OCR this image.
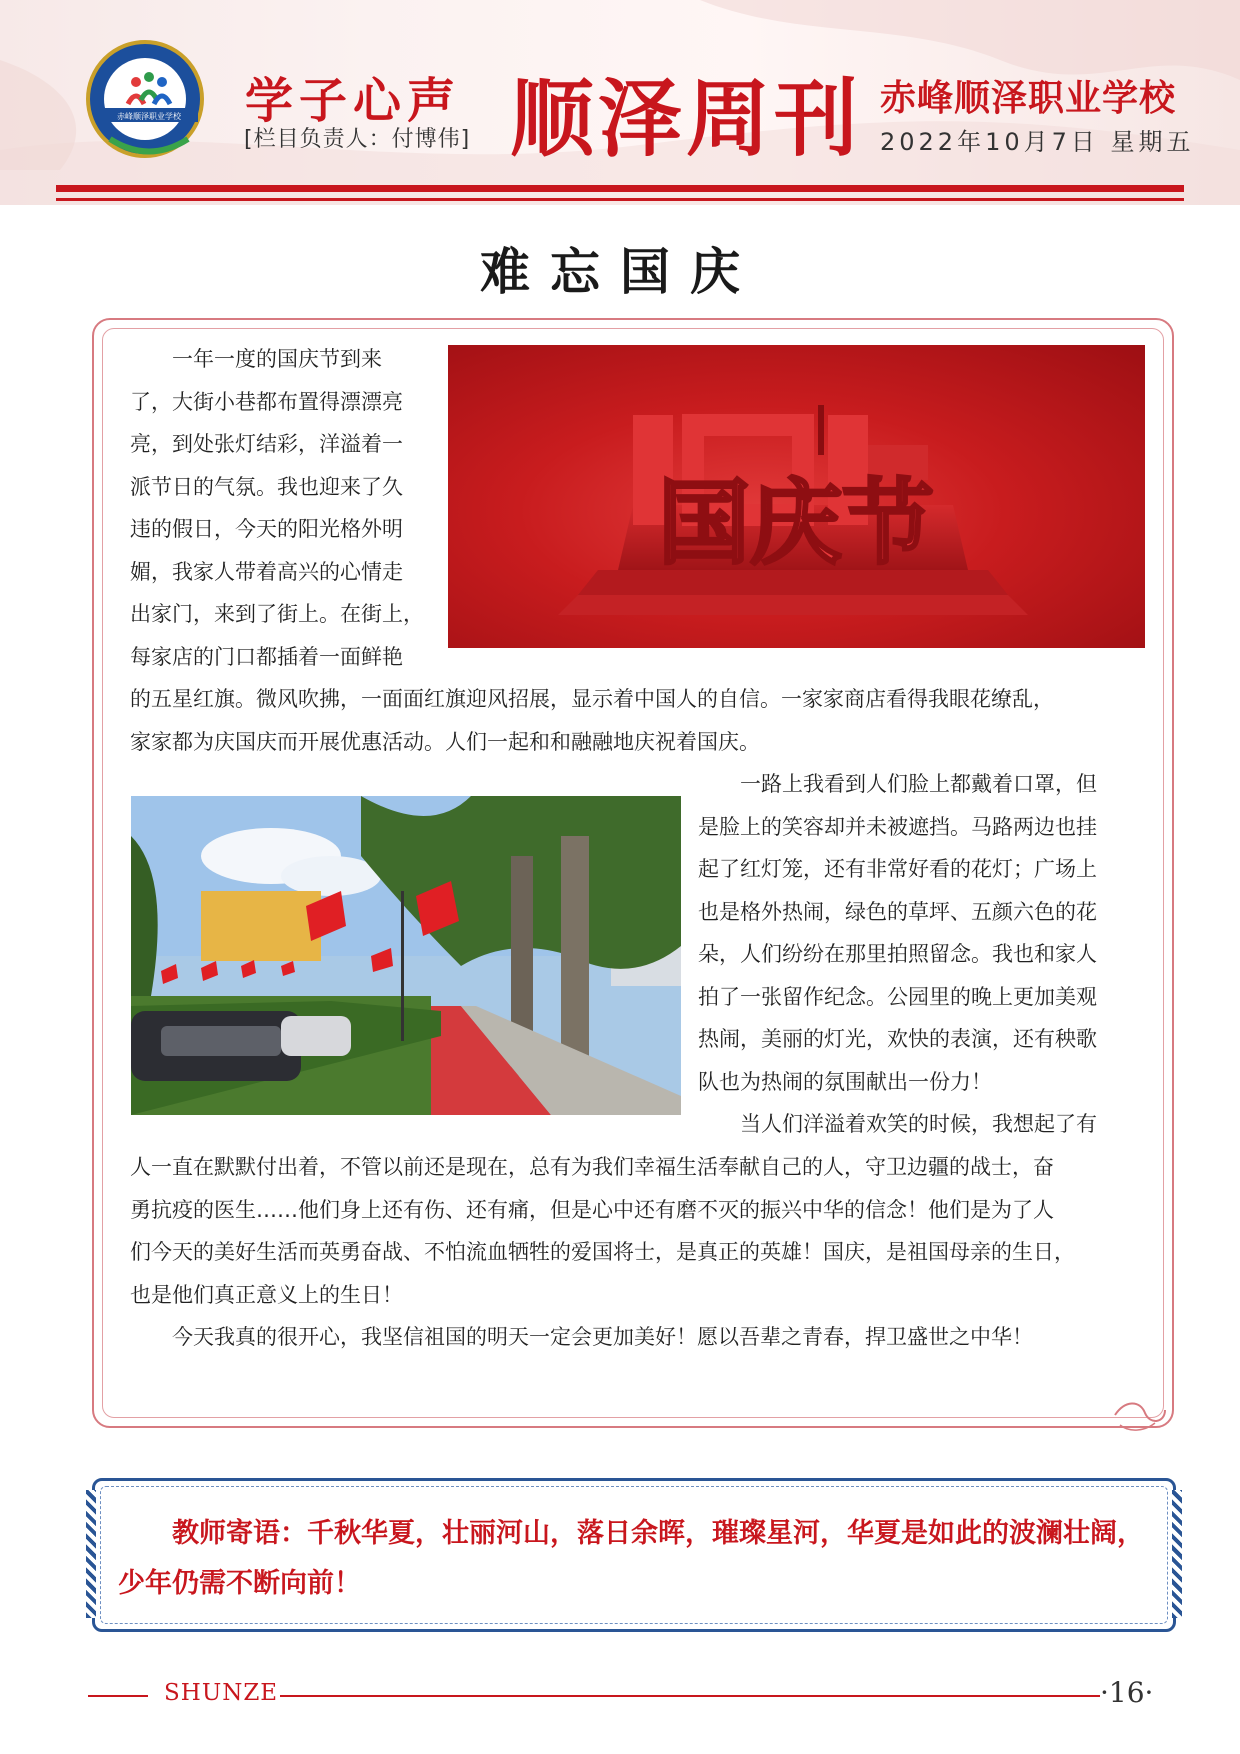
赤峰顺泽职业学校 学子心声
[栏目负责人：付博伟] 顺泽周刊 赤峰顺泽职业学校
2022年10月7日 星期五
难忘国庆
一年一度的国庆节到来
了，大街小巷都布置得漂漂亮
亮，到处张灯结彩，洋溢着一
派节日的气氛。我也迎来了久
违的假日，今天的阳光格外明
媚，我家人带着高兴的心情走
出家门，来到了街上。在街上，
每家店的门口都插着一面鲜艳
的五星红旗。微风吹拂，一面面红旗迎风招展，显示着中国人的自信。一家家商店看得我眼花缭乱，
家家都为庆国庆而开展优惠活动。人们一起和和融融地庆祝着国庆。
国庆节
一路上我看到人们脸上都戴着口罩，但
是脸上的笑容却并未被遮挡。马路两边也挂
起了红灯笼，还有非常好看的花灯；广场上
也是格外热闹，绿色的草坪、五颜六色的花
朵，人们纷纷在那里拍照留念。我也和家人
拍了一张留作纪念。公园里的晚上更加美观
热闹，美丽的灯光，欢快的表演，还有秧歌
队也为热闹的氛围献出一份力！
当人们洋溢着欢笑的时候，我想起了有
人一直在默默付出着，不管以前还是现在，总有为我们幸福生活奉献自己的人，守卫边疆的战士，奋
勇抗疫的医生……他们身上还有伤、还有痛，但是心中还有磨不灭的振兴中华的信念！他们是为了人
们今天的美好生活而英勇奋战、不怕流血牺牲的爱国将士，是真正的英雄！国庆，是祖国母亲的生日，
也是他们真正意义上的生日！
今天我真的很开心，我坚信祖国的明天一定会更加美好！愿以吾辈之青春，捍卫盛世之中华！
教师寄语：千秋华夏，壮丽河山，落日余晖，璀璨星河，华夏是如此的波澜壮阔，
少年仍需不断向前！
SHUNZE	·16·
